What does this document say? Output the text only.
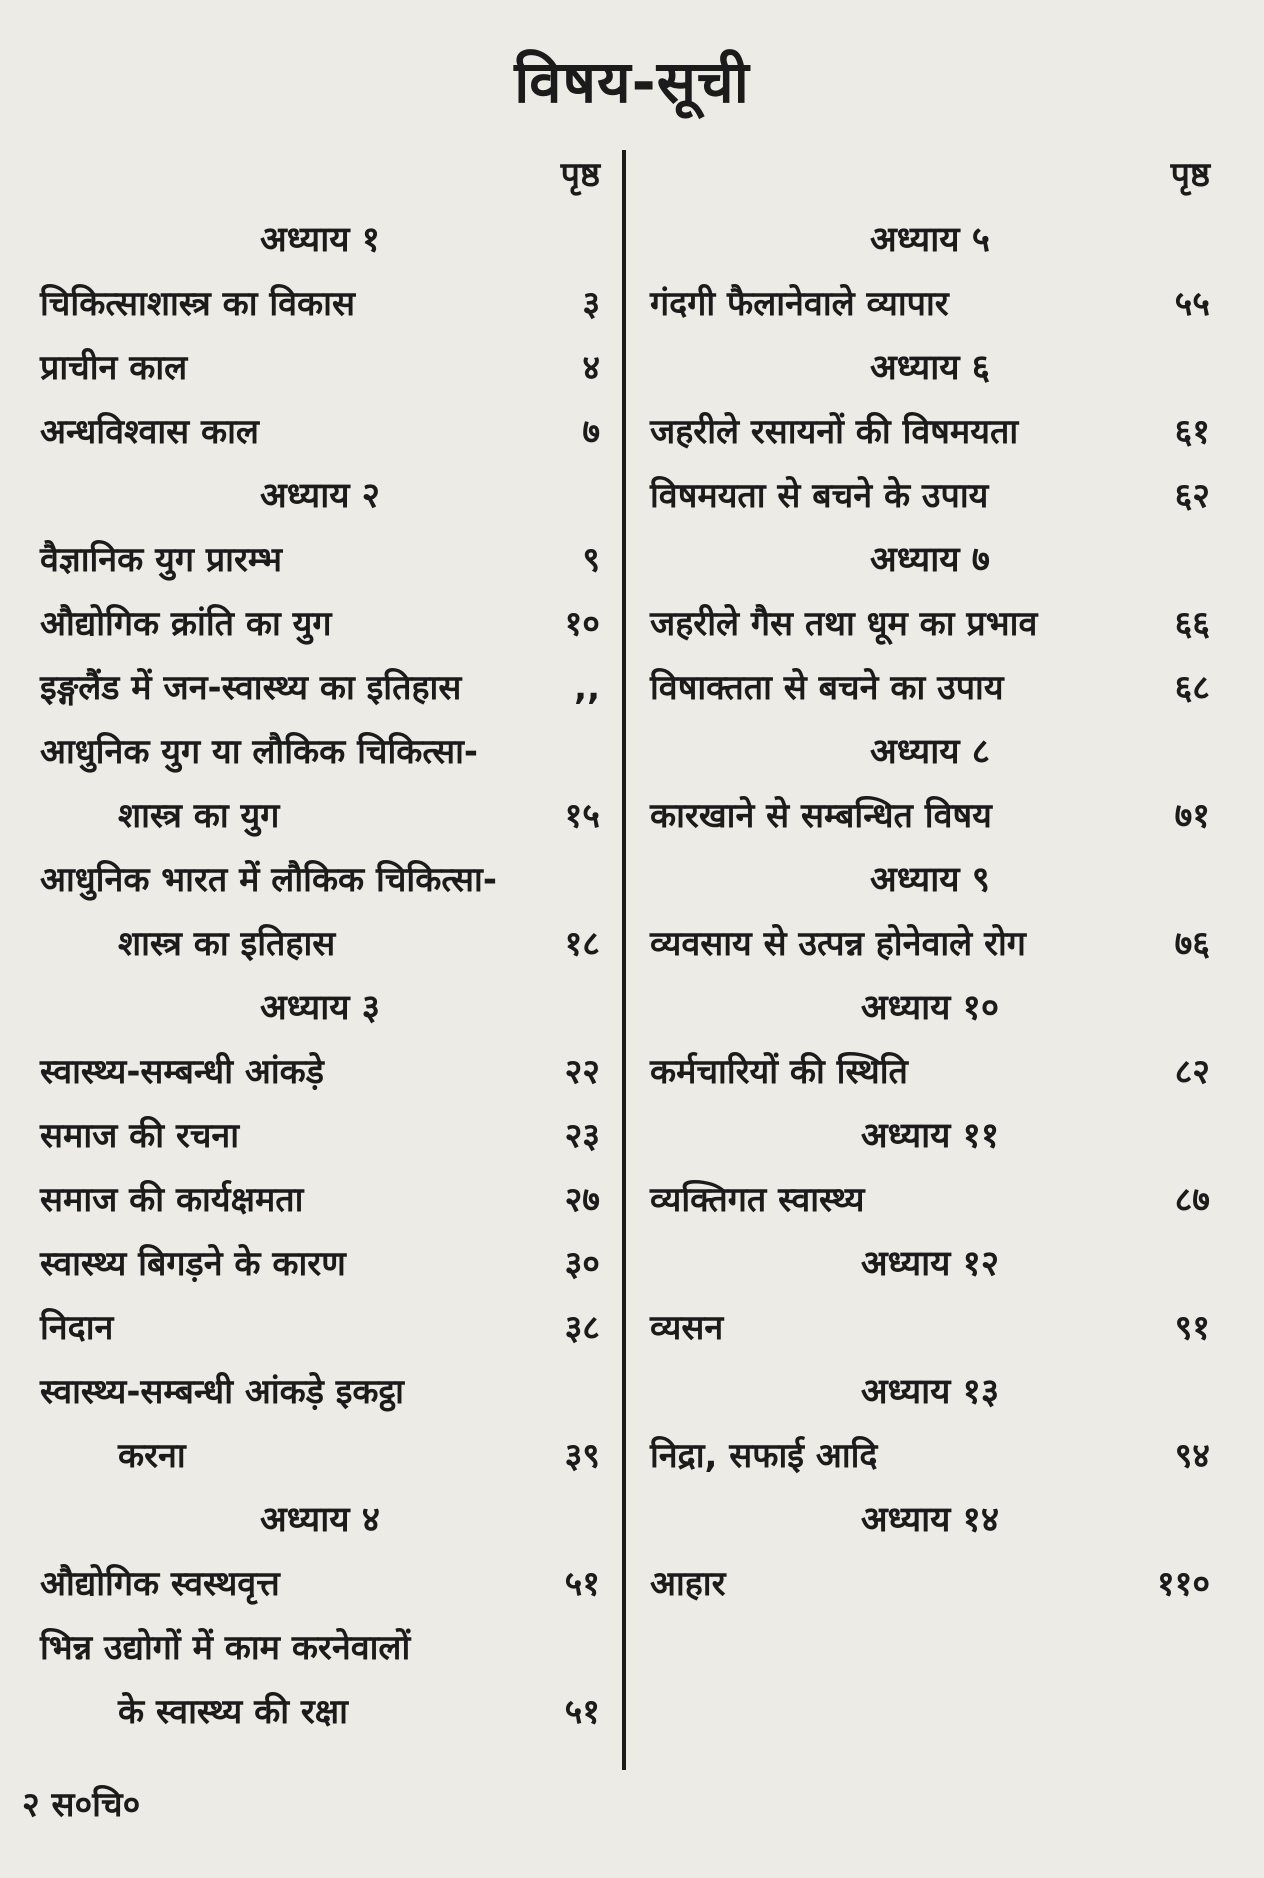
विषय-सूची
पृष्ठ
अध्याय १
चिकित्साशास्त्र का विकास	३
प्राचीन काल	४
अन्धविश्वास काल	७
अध्याय २
वैज्ञानिक युग प्रारम्भ	९
औद्योगिक क्रांति का युग	१०
इङ्गलैंड में जन-स्वास्थ्य का इतिहास	,,
आधुनिक युग या लौकिक चिकित्सा-
शास्त्र का युग	१५
आधुनिक भारत में लौकिक चिकित्सा-
शास्त्र का इतिहास	१८
अध्याय ३
स्वास्थ्य-सम्बन्धी आंकड़े	२२
समाज की रचना	२३
समाज की कार्यक्षमता	२७
स्वास्थ्य बिगड़ने के कारण	३०
निदान	३८
स्वास्थ्य-सम्बन्धी आंकड़े इकट्ठा
करना	३९
अध्याय ४
औद्योगिक स्वस्थवृत्त	५१
भिन्न उद्योगों में काम करनेवालों
के स्वास्थ्य की रक्षा	५१
पृष्ठ
अध्याय ५
गंदगी फैलानेवाले व्यापार	५५
अध्याय ६
जहरीले रसायनों की विषमयता	६१
विषमयता से बचने के उपाय	६२
अध्याय ७
जहरीले गैस तथा धूम का प्रभाव	६६
विषाक्तता से बचने का उपाय	६८
अध्याय ८
कारखाने से सम्बन्धित विषय	७१
अध्याय ९
व्यवसाय से उत्पन्न होनेवाले रोग	७६
अध्याय १०
कर्मचारियों की स्थिति	८२
अध्याय ११
व्यक्तिगत स्वास्थ्य	८७
अध्याय १२
व्यसन	९१
अध्याय १३
निद्रा, सफाई आदि	९४
अध्याय १४
आहार	११०
२ स०चि०
